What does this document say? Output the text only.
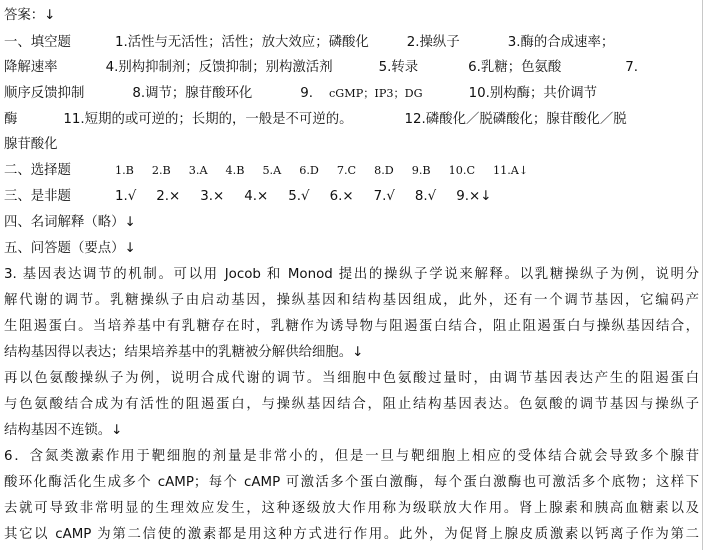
答案：↓
一、填空题	1.活性与无活性；活性；放大效应；磷酸化	2.操纵子	3.酶的合成速率；
降解速率	4.别构抑制剂；反馈抑制；别构激活剂	5.转录	6.乳糖；色氨酸	7.
顺序反馈抑制	8.调节；腺苷酸环化	9. cGMP；IP3；DG	10.别构酶；共价调节
酶	11.短期的或可逆的；长期的，一般是不可逆的。	12.磷酸化／脱磷酸化；腺苷酸化／脱
腺苷酸化
二、选择题	1.B 2.B 3.A 4.B 5.A 6.D 7.C 8.D 9.B 10.C 11.A↓
三、是非题	1.√ 2.× 3.× 4.× 5.√ 6.× 7.√ 8.√ 9.×↓
四、名词解释（略）↓
五、问答题（要点）↓
3. 基因表达调节的机制。可以用 Jocob 和 Monod 提出的操纵子学说来解释。以乳糖操纵子为例，说明分
解代谢的调节。乳糖操纵子由启动基因，操纵基因和结构基因组成，此外，还有一个调节基因，它编码产
生阻遏蛋白。当培养基中有乳糖存在时，乳糖作为诱导物与阻遏蛋白结合，阻止阻遏蛋白与操纵基因结合，
结构基因得以表达；结果培养基中的乳糖被分解供给细胞。↓
再以色氨酸操纵子为例，说明合成代谢的调节。当细胞中色氨酸过量时，由调节基因表达产生的阻遏蛋白
与色氨酸结合成为有活性的阻遏蛋白，与操纵基因结合，阻止结构基因表达。色氨酸的调节基因与操纵子
结构基因不连锁。↓
6．含氮类激素作用于靶细胞的剂量是非常小的，但是一旦与靶细胞上相应的受体结合就会导致多个腺苷
酸环化酶活化生成多个 cAMP；每个 cAMP 可激活多个蛋白激酶，每个蛋白激酶也可激活多个底物；这样下
去就可导致非常明显的生理效应发生，这种逐级放大作用称为级联放大作用。肾上腺素和胰高血糖素以及
其它以 cAMP 为第二信使的激素都是用这种方式进行作用。此外，为促肾上腺皮质激素以钙离子作为第二
